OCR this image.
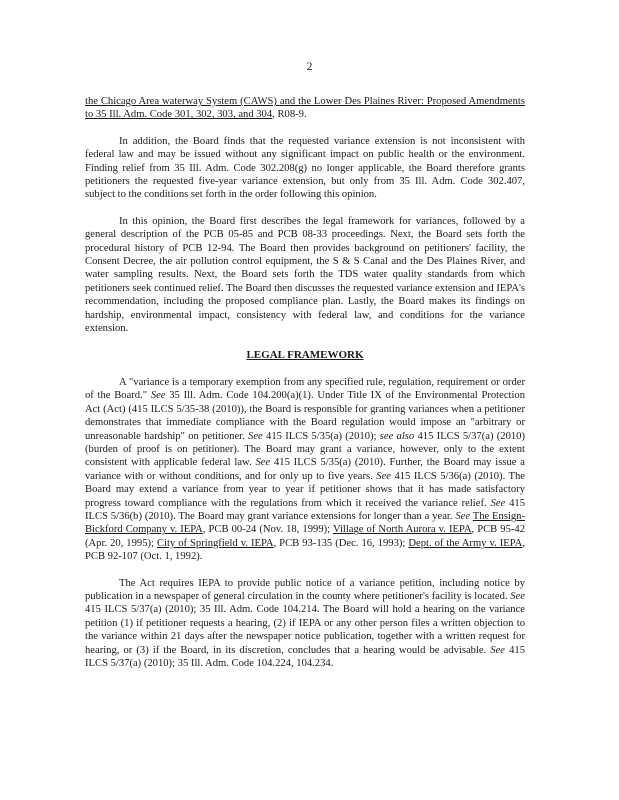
2

the Chicago Area waterway System (CAWS) and the Lower Des Plaines River: Proposed Amendments to 35 Ill. Adm. Code 301, 302, 303, and 304, R08-9.

In addition, the Board finds that the requested variance extension is not inconsistent with federal law and may be issued without any significant impact on public health or the environment. Finding relief from 35 Ill. Adm. Code 302.208(g) no longer applicable, the Board therefore grants petitioners the requested five-year variance extension, but only from 35 Ill. Adm. Code 302.407, subject to the conditions set forth in the order following this opinion.

In this opinion, the Board first describes the legal framework for variances, followed by a general description of the PCB 05-85 and PCB 08-33 proceedings. Next, the Board sets forth the procedural history of PCB 12-94. The Board then provides background on petitioners' facility, the Consent Decree, the air pollution control equipment, the S & S Canal and the Des Plaines River, and water sampling results. Next, the Board sets forth the TDS water quality standards from which petitioners seek continued relief. The Board then discusses the requested variance extension and IEPA's recommendation, including the proposed compliance plan. Lastly, the Board makes its findings on hardship, environmental impact, consistency with federal law, and conditions for the variance extension.

LEGAL FRAMEWORK

A "variance is a temporary exemption from any specified rule, regulation, requirement or order of the Board." See 35 Ill. Adm. Code 104.200(a)(1). Under Title IX of the Environmental Protection Act (Act) (415 ILCS 5/35-38 (2010)), the Board is responsible for granting variances when a petitioner demonstrates that immediate compliance with the Board regulation would impose an "arbitrary or unreasonable hardship" on petitioner. See 415 ILCS 5/35(a) (2010); see also 415 ILCS 5/37(a) (2010) (burden of proof is on petitioner). The Board may grant a variance, however, only to the extent consistent with applicable federal law. See 415 ILCS 5/35(a) (2010). Further, the Board may issue a variance with or without conditions, and for only up to five years. See 415 ILCS 5/36(a) (2010). The Board may extend a variance from year to year if petitioner shows that it has made satisfactory progress toward compliance with the regulations from which it received the variance relief. See 415 ILCS 5/36(b) (2010). The Board may grant variance extensions for longer than a year. See The Ensign-Bickford Company v. IEPA, PCB 00-24 (Nov. 18, 1999); Village of North Aurora v. IEPA, PCB 95-42 (Apr. 20, 1995); City of Springfield v. IEPA, PCB 93-135 (Dec. 16, 1993); Dept. of the Army v. IEPA, PCB 92-107 (Oct. 1, 1992).

The Act requires IEPA to provide public notice of a variance petition, including notice by publication in a newspaper of general circulation in the county where petitioner's facility is located. See 415 ILCS 5/37(a) (2010); 35 Ill. Adm. Code 104.214. The Board will hold a hearing on the variance petition (1) if petitioner requests a hearing, (2) if IEPA or any other person files a written objection to the variance within 21 days after the newspaper notice publication, together with a written request for hearing, or (3) if the Board, in its discretion, concludes that a hearing would be advisable. See 415 ILCS 5/37(a) (2010); 35 Ill. Adm. Code 104.224, 104.234.
